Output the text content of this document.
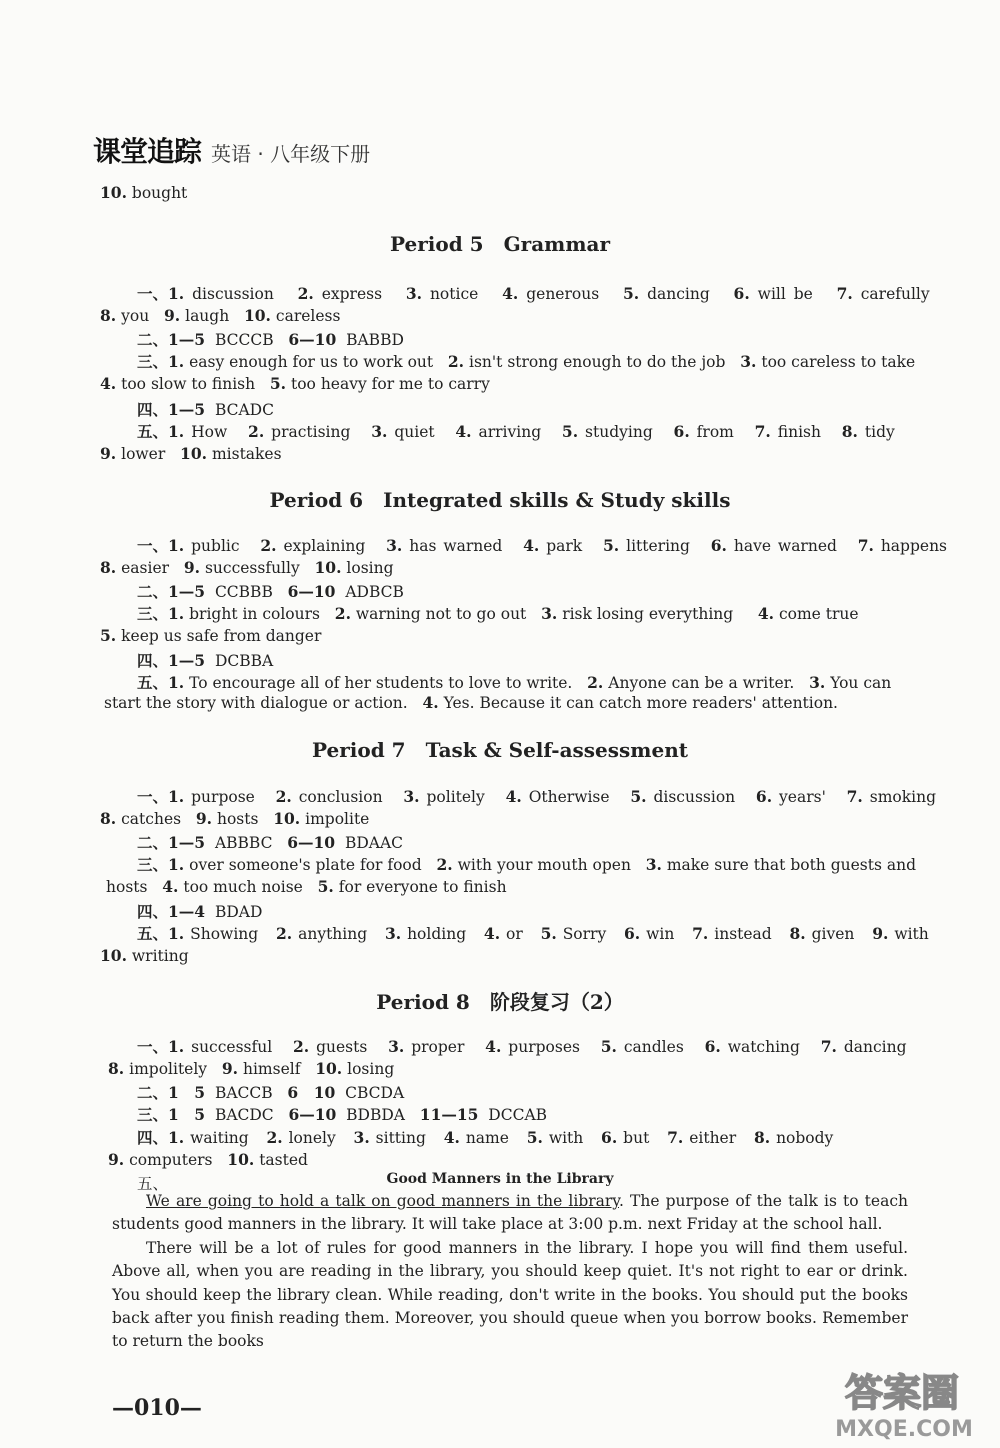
课堂追踪 英语 · 八年级下册
10. bought
Period 5　Grammar
一、1. discussion 2. express 3. notice 4. generous 5. dancing 6. will be 7. carefully
8. you 9. laugh 10. careless
二、1—5 BCCCB 6—10 BABBD
三、1. easy enough for us to work out 2. isn't strong enough to do the job 3. too careless to take
4. too slow to finish 5. too heavy for me to carry
四、1—5 BCADC
五、1. How 2. practising 3. quiet 4. arriving 5. studying 6. from 7. finish 8. tidy
9. lower 10. mistakes
Period 6　Integrated skills & Study skills
一、1. public 2. explaining 3. has warned 4. park 5. littering 6. have warned 7. happens
8. easier 9. successfully 10. losing
二、1—5 CCBBB 6—10 ADBCB
三、1. bright in colours 2. warning not to go out 3. risk losing everything 4. come true
5. keep us safe from danger
四、1—5 DCBBA
五、1. To encourage all of her students to love to write. 2. Anyone can be a writer. 3. You can
start the story with dialogue or action. 4. Yes. Because it can catch more readers' attention.
Period 7　Task & Self-assessment
一、1. purpose 2. conclusion 3. politely 4. Otherwise 5. discussion 6. years' 7. smoking
8. catches 9. hosts 10. impolite
二、1—5 ABBBC 6—10 BDAAC
三、1. over someone's plate for food 2. with your mouth open 3. make sure that both guests and
hosts 4. too much noise 5. for everyone to finish
四、1—4 BDAD
五、1. Showing 2. anything 3. holding 4. or 5. Sorry 6. win 7. instead 8. given 9. with
10. writing
Period 8　阶段复习（2）
一、1. successful 2. guests 3. proper 4. purposes 5. candles 6. watching 7. dancing
8. impolitely 9. himself 10. losing
二、1　5 BACCB 6　10 CBCDA
三、1　5 BACDC 6—10 BDBDA 11—15 DCCAB
四、1. waiting 2. lonely 3. sitting 4. name 5. with 6. but 7. either 8. nobody
9. computers 10. tasted
五、	Good Manners in the Library
We are going to hold a talk on good manners in the library. The purpose of the talk is to teach students good manners in the library. It will take place at 3:00 p.m. next Friday at the school hall.
There will be a lot of rules for good manners in the library. I hope you will find them useful. Above all, when you are reading in the library, you should keep quiet. It's not right to ear or drink. You should keep the library clean. While reading, don't write in the books. You should put the books back after you finish reading them. Moreover, you should queue when you borrow books. Remember to return the books
—010—	答案圈
MXQE.COM
